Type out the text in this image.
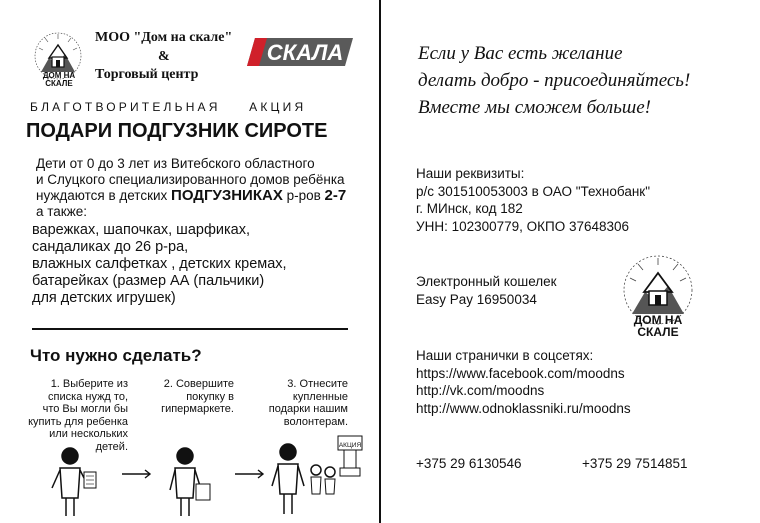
ДОМ НА СКАЛЕ
МОО "Дом на скале"
&
Торговый центр
СКАЛА
БЛАГОТВОРИТЕЛЬНАЯ АКЦИЯ
ПОДАРИ ПОДГУЗНИК СИРОТЕ

Дети от 0 до 3 лет из Витебского областного

и Слуцкого специализированного домов ребёнка

нуждаются в детских ПОДГУЗНИКАХ р-ров 2-7

а также:

варежках, шапочках, шарфиках,

сандаликах до 26 р-ра,

влажных салфетках , детских кремах,

батарейках (размер АА (пальчики)

для детских игрушек)

Что нужно сделать?

1. Выберите из

списка нужд то,

что Вы могли бы

купить для ребенка

или нескольких

детей.

2. Совершите

покупку в

гипермаркете.

3. Отнесите

купленные

подарки нашим

волонтерам.

АКЦИЯ
Если у Вас есть желание
делать добро - присоединяйтесь!
Вместе мы сможем больше!

Наши реквизиты:

р/с 301510053003 в ОАО "Технобанк"

г. МИнск, код 182

УНН: 102300779, ОКПО 37648306

Электронный кошелек

Easy Pay 16950034

ДОМ НА СКАЛЕ

Наши странички в соцсетях:

https://www.facebook.com/moodns

http://vk.com/moodns

http://www.odnoklassniki.ru/moodns

+375 29 6130546	+375 29 7514851
